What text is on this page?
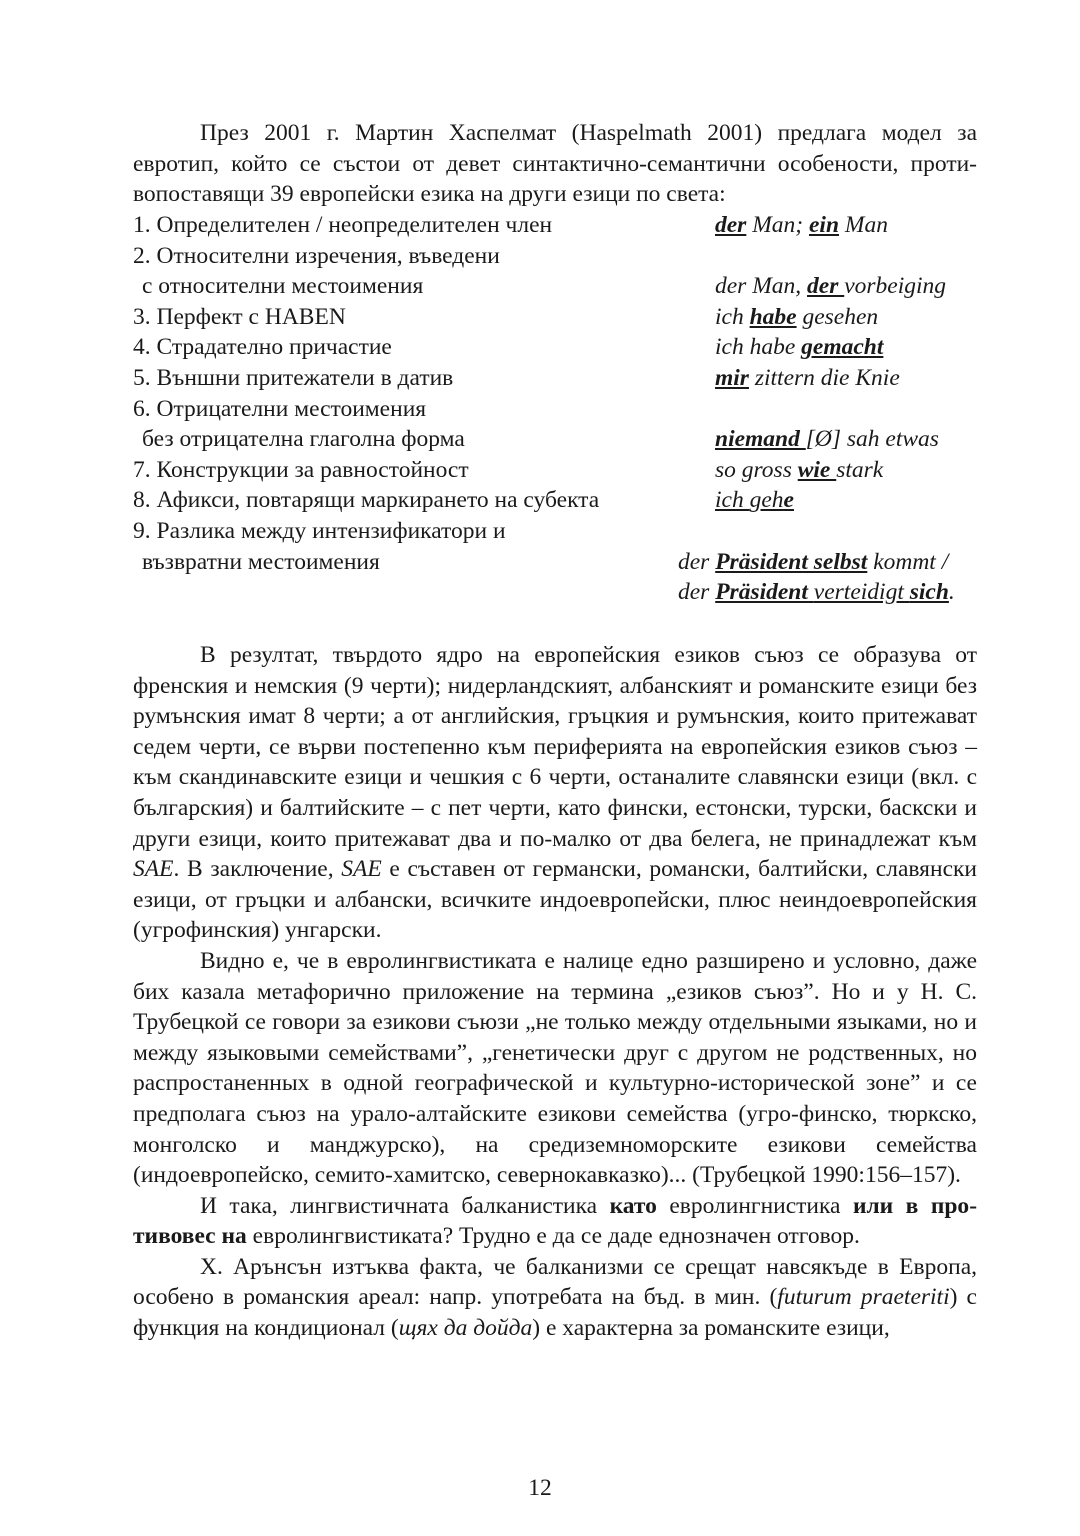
През 2001 г. Мартин Хаспелмат (Haspelmath 2001) предлага модел за евротип, който се състои от девет синтактично-семантични особености, противопоставящи 39 европейски езика на други езици по света:

1. Определителен / неопределителен член	der Man; ein Man
2. Относителни изречения, въведени
с относителни местоимения	der Man, der vorbeiging
3. Перфект с HABEN	ich habe gesehen
4. Страдателно причастие	ich habe gemacht
5. Външни притежатели в датив	mir zittern die Knie
6. Отрицателни местоимения
без отрицателна глаголна форма	niemand [Ø] sah etwas
7. Конструкции за равностойност	so gross wie stark
8. Афикси, повтарящи маркирането на субекта	ich gehe
9. Разлика между интензификатори и
възвратни местоимения	der Präsident selbst kommt /
der Präsident verteidigt sich.

В резултат, твърдото ядро на европейския езиков съюз се образува от френския и немския (9 черти); нидерландският, албанският и романските езици без румънския имат 8 черти; а от английския, гръцкия и румънския, които притежават седем черти, се върви постепенно към периферията на европейския езиков съюз – към скандинавските езици и чешкия с 6 черти, останалите славянски езици (вкл. с българския) и балтийските – с пет черти, като фински, естонски, турски, баскски и други езици, които притежават два и по-малко от два белега, не принадлежат към SAE. В заключение, SAE е съставен от германски, романски, балтийски, славянски езици, от гръцки и албански, всичките индоевропейски, плюс неиндоевропейския (угрофинския) унгарски.

Видно е, че в евролингвистиката е налице едно разширено и условно, даже бих казала метафорично приложение на термина „езиков съюз”. Но и у Н. С. Трубецкой се говори за езикови съюзи „не только между отдельными языками, но и между языковыми семействами”, „генетически друг с другом не родственных, но распростаненных в одной географической и культурно-исторической зоне” и се предполага съюз на урало-алтайските езикови семейства (угро-финско, тюркско, монголско и манджурско), на средиземноморските езикови семейства (индоевропейско, семито-хамитско, севернокавказко)... (Трубецкой 1990:156–157).

И така, лингвистичната балканистика като евролингнистика или в противовес на евролингвистиката? Трудно е да се даде еднозначен отговор.

Х. Арънсън изтъква факта, че балканизми се срещат навсякъде в Европа, особено в романския ареал: напр. употребата на бъд. в мин. (futurum praeteriti) с функция на кондиционал (щях да дойда) е характерна за романските езици,

12
